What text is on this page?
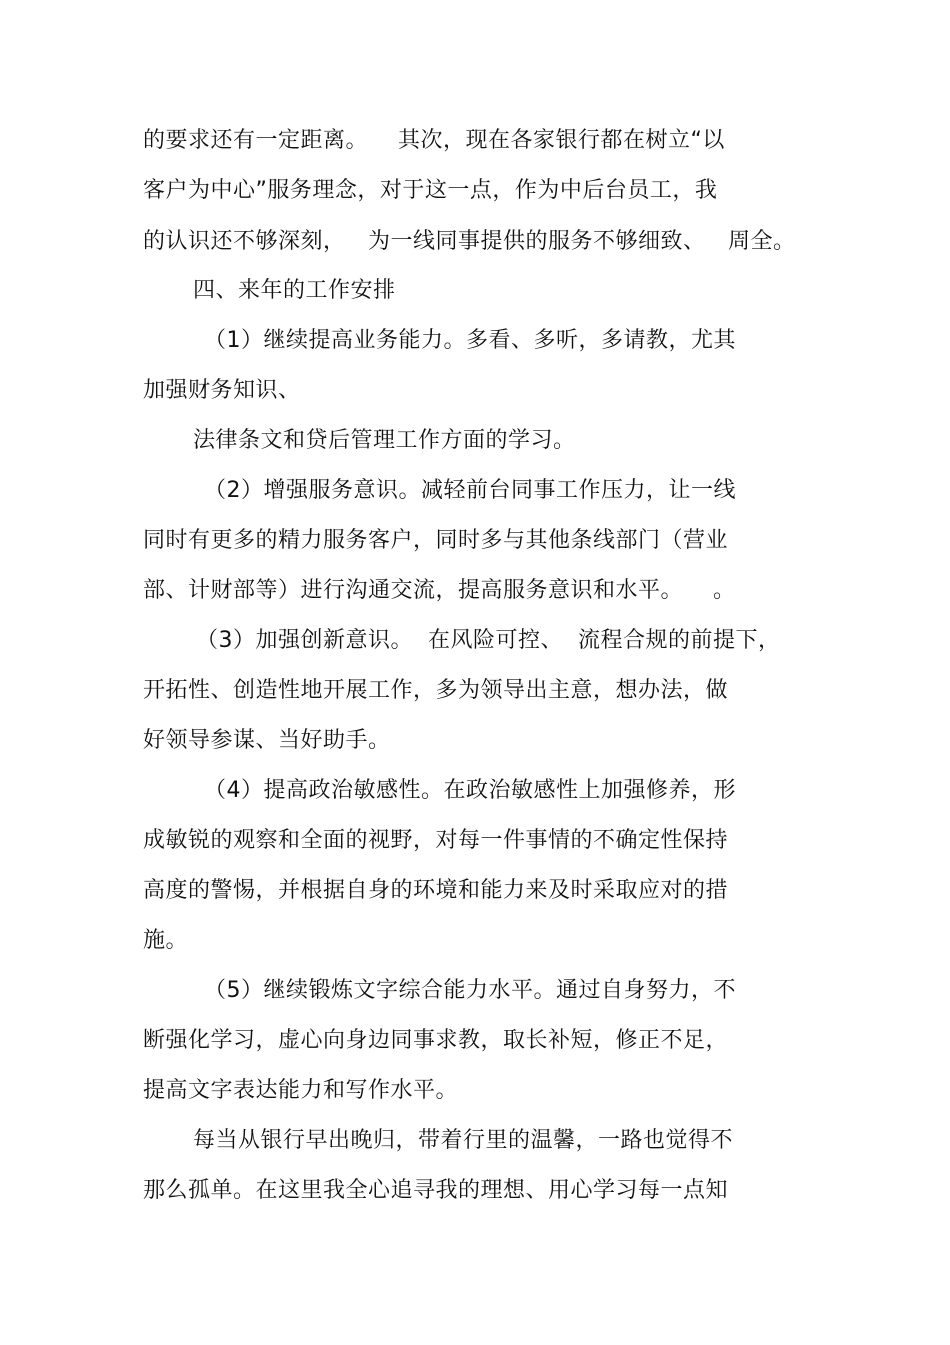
的要求还有一定距离。    其次，现在各家银行都在树立“以
客户为中心”服务理念，对于这一点，作为中后台员工，我
的认识还不够深刻，   为一线同事提供的服务不够细致、   周全。
四、来年的工作安排
（1）继续提高业务能力。多看、多听，多请教，尤其
加强财务知识、
法律条文和贷后管理工作方面的学习。
（2）增强服务意识。减轻前台同事工作压力，让一线
同时有更多的精力服务客户，同时多与其他条线部门（营业
部、计财部等）进行沟通交流，提高服务意识和水平。    。
（3）加强创新意识。  在风险可控、  流程合规的前提下，
开拓性、创造性地开展工作，多为领导出主意，想办法，做
好领导参谋、当好助手。
（4）提高政治敏感性。在政治敏感性上加强修养，形
成敏锐的观察和全面的视野，对每一件事情的不确定性保持
高度的警惕，并根据自身的环境和能力来及时采取应对的措
施。
（5）继续锻炼文字综合能力水平。通过自身努力，不
断强化学习，虚心向身边同事求教，取长补短，修正不足，
提高文字表达能力和写作水平。
每当从银行早出晚归，带着行里的温馨，一路也觉得不
那么孤单。在这里我全心追寻我的理想、用心学习每一点知
